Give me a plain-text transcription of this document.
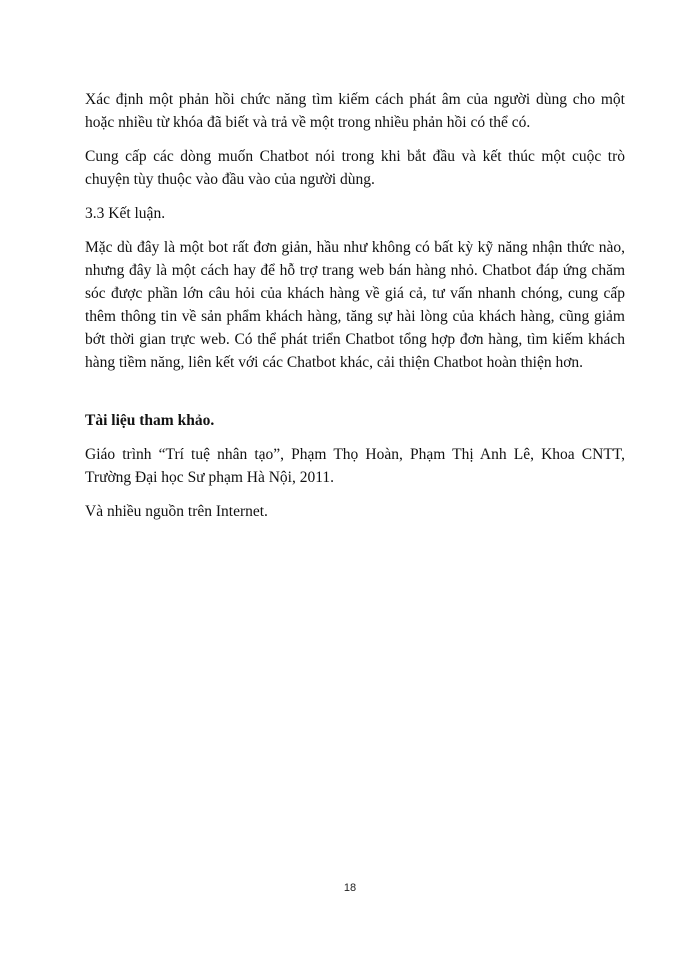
Xác định một phản hồi chức năng tìm kiếm cách phát âm của người dùng cho một hoặc nhiều từ khóa đã biết và trả về một trong nhiều phản hồi có thể có.

Cung cấp các dòng muốn Chatbot nói trong khi bắt đầu và kết thúc một cuộc trò chuyện tùy thuộc vào đầu vào của người dùng.

3.3 Kết luận.

Mặc dù đây là một bot rất đơn giản, hầu như không có bất kỳ kỹ năng nhận thức nào, nhưng đây là một cách hay để hỗ trợ trang web bán hàng nhỏ. Chatbot đáp ứng chăm sóc được phần lớn câu hỏi của khách hàng về giá cả, tư vấn nhanh chóng, cung cấp thêm thông tin về sản phẩm khách hàng, tăng sự hài lòng của khách hàng, cũng giảm bớt thời gian trực web. Có thể phát triển Chatbot tổng hợp đơn hàng, tìm kiếm khách hàng tiềm năng, liên kết với các Chatbot khác, cải thiện Chatbot hoàn thiện hơn.

Tài liệu tham khảo.

Giáo trình “Trí tuệ nhân tạo”, Phạm Thọ Hoàn, Phạm Thị Anh Lê, Khoa CNTT, Trường Đại học Sư phạm Hà Nội, 2011.

Và nhiều nguồn trên Internet.

18
